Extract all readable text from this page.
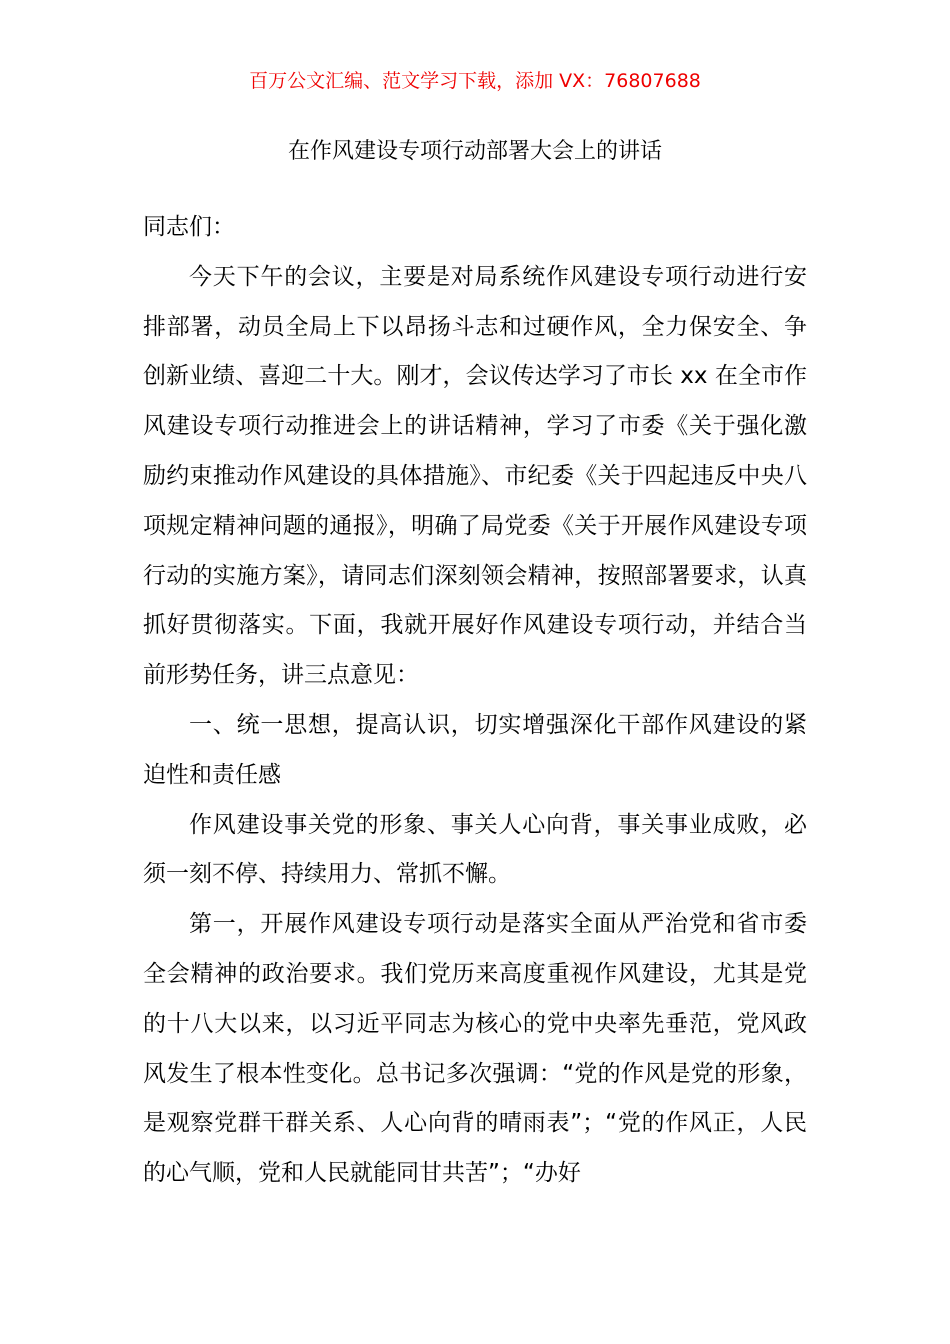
百万公文汇编、范文学习下载，添加 VX：76807688
在作风建设专项行动部署大会上的讲话

同志们：

今天下午的会议，主要是对局系统作风建设专项行动进行安排部署，动员全局上下以昂扬斗志和过硬作风，全力保安全、争创新业绩、喜迎二十大。刚才，会议传达学习了市长 xx 在全市作风建设专项行动推进会上的讲话精神，学习了市委《关于强化激励约束推动作风建设的具体措施》、市纪委《关于四起违反中央八项规定精神问题的通报》，明确了局党委《关于开展作风建设专项行动的实施方案》，请同志们深刻领会精神，按照部署要求，认真抓好贯彻落实。下面，我就开展好作风建设专项行动，并结合当前形势任务，讲三点意见：

一、统一思想，提高认识，切实增强深化干部作风建设的紧迫性和责任感

作风建设事关党的形象、事关人心向背，事关事业成败，必须一刻不停、持续用力、常抓不懈。

第一，开展作风建设专项行动是落实全面从严治党和省市委全会精神的政治要求。我们党历来高度重视作风建设，尤其是党的十八大以来，以习近平同志为核心的党中央率先垂范，党风政风发生了根本性变化。总书记多次强调：“党的作风是党的形象，是观察党群干群关系、人心向背的晴雨表”；“党的作风正，人民的心气顺，党和人民就能同甘共苦”；“办好
